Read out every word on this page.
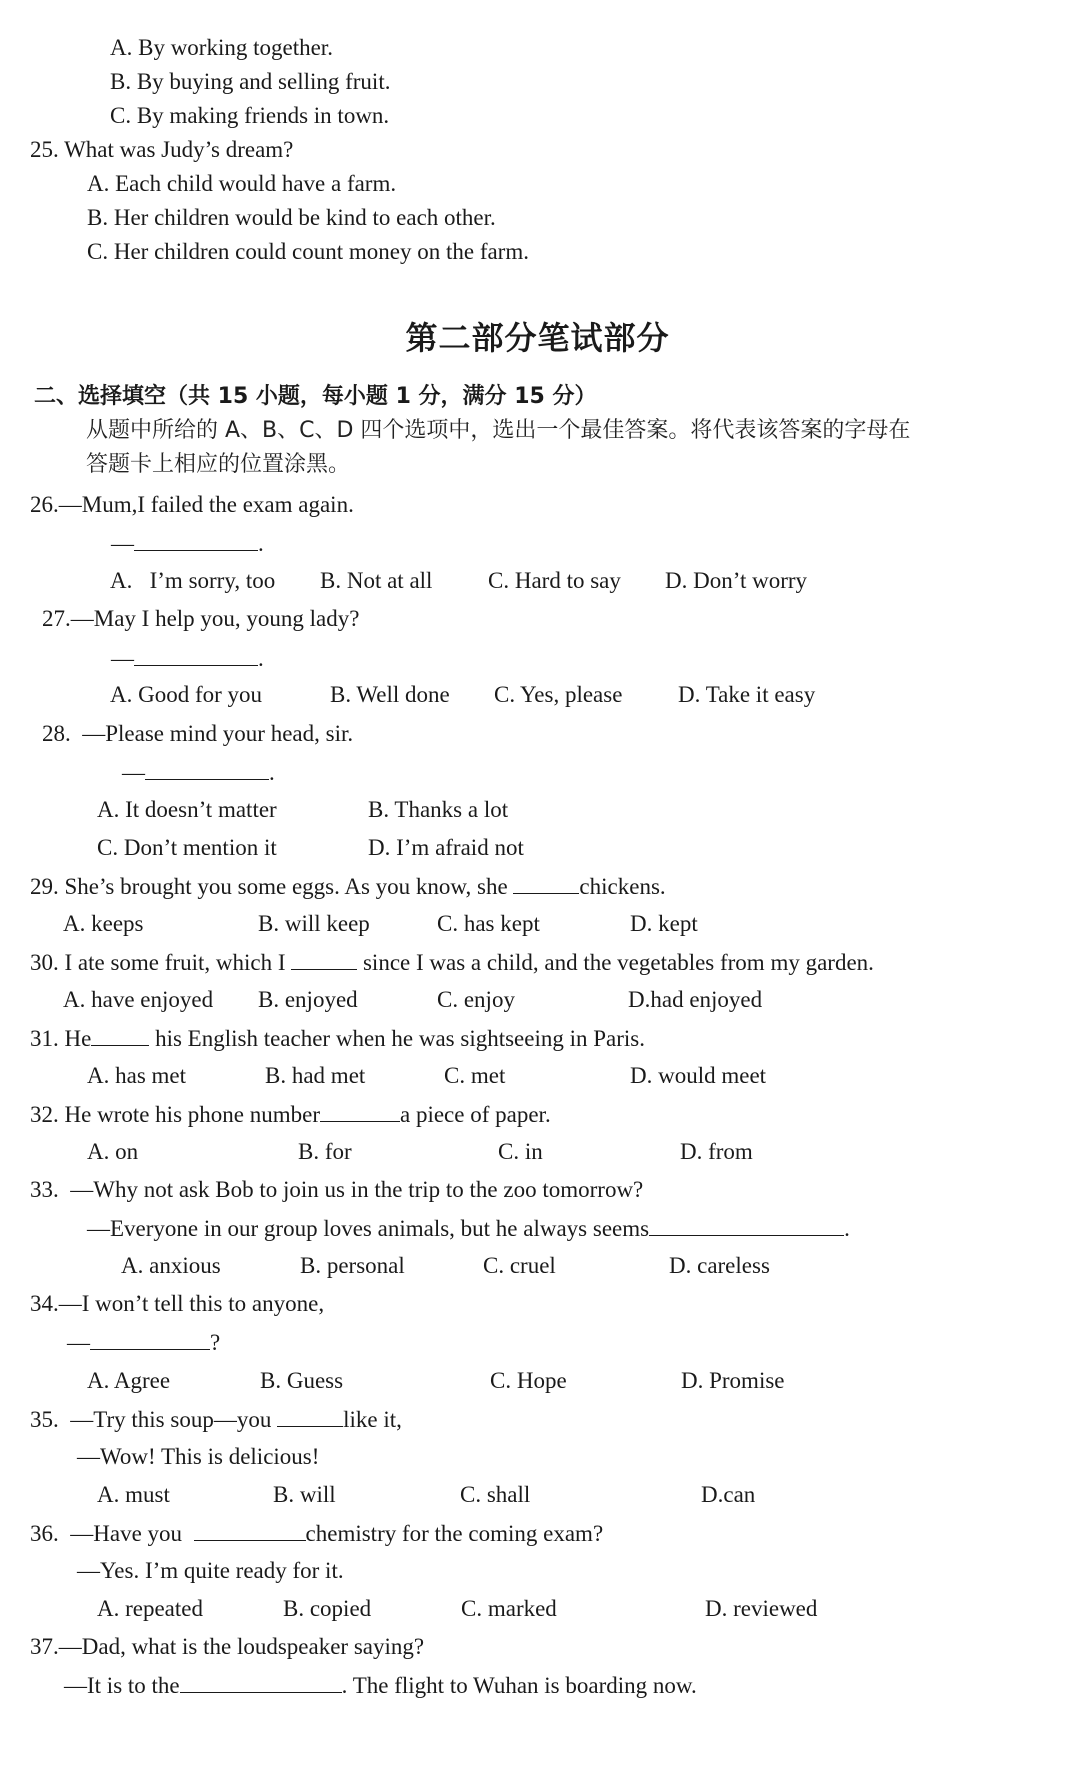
A. By working together.
B. By buying and selling fruit.
C. By making friends in town.
25. What was Judy’s dream?
A. Each child would have a farm.
B. Her children would be kind to each other.
C. Her children could count money on the farm.
第二部分笔试部分
二、选择填空（共 15 小题，每小题 1 分，满分 15 分）
从题中所给的 A、B、C、D 四个选项中，选出一个最佳答案。将代表该答案的字母在
答题卡上相应的位置涂黑。
26.—Mum,I failed the exam again.
—	.
A.   I’m sorry, too B. Not at all C. Hard to say D. Don’t worry
27.—May I help you, young lady?
—	.
A. Good for you	B. Well done C. Yes, please D. Take it easy
28.  —Please mind your head, sir.
—	.
A. It doesn’t matter	B. Thanks a lot
C. Don’t mention it	D. I’m afraid not
29. She’s brought you some eggs. As you know, she	chickens.
A. keeps	B. will keep	C. has kept	D. kept
30. I ate some fruit, which I	since I was a child, and the vegetables from my garden.
A. have enjoyed B. enjoyed	C. enjoy	D.had enjoyed
31. He	his English teacher when he was sightseeing in Paris.
A. has met	B. had met	C. met	D. would meet
32. He wrote his phone number	a piece of paper.
A. on	B. for	C. in	D. from
33.  —Why not ask Bob to join us in the trip to the zoo tomorrow?
—Everyone in our group loves animals, but he always seems	.
A. anxious	B. personal	C. cruel	D. careless
34.—I won’t tell this to anyone,
—	?
A. Agree	B. Guess	C. Hope	D. Promise
35.  —Try this soup—you	like it,
—Wow! This is delicious!
A. must	B. will	C. shall	D.can
36.  —Have you	chemistry for the coming exam?
—Yes. I’m quite ready for it.
A. repeated	B. copied	C. marked	D. reviewed
37.—Dad, what is the loudspeaker saying?
—It is to the	. The flight to Wuhan is boarding now.
